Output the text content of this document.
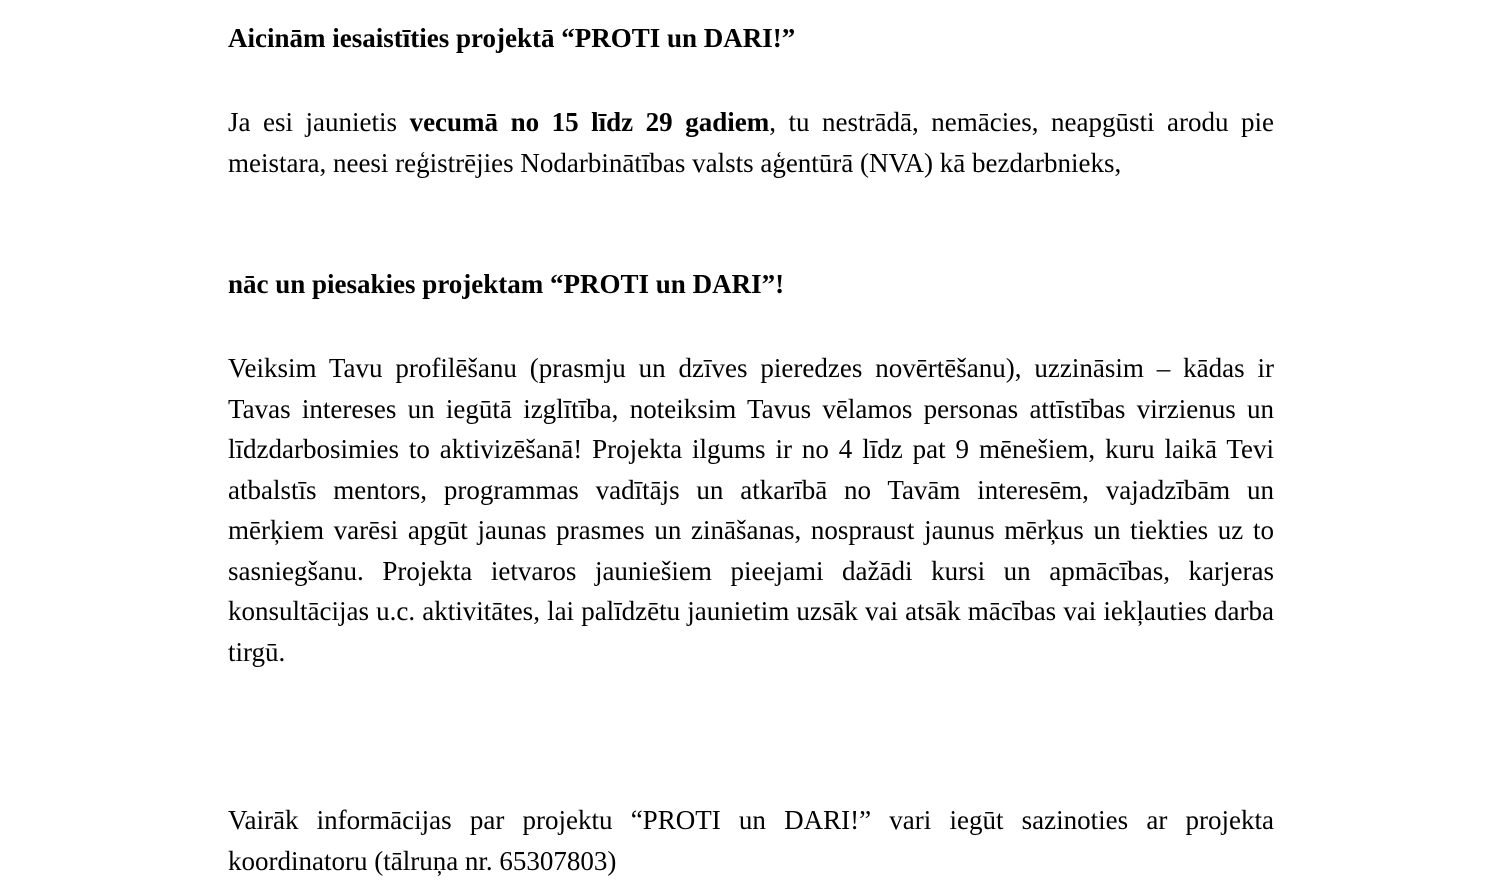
Aicinām iesaistīties projektā “PROTI un DARI!”
Ja esi jaunietis vecumā no 15 līdz 29 gadiem, tu nestrādā, nemācies, neapgūsti arodu pie meistara, neesi reģistrējies Nodarbinātības valsts aģentūrā (NVA) kā bezdarbnieks,
nāc un piesakies projektam “PROTI un DARI”!
Veiksim Tavu profilēšanu (prasmju un dzīves pieredzes novērtēšanu), uzzināsim – kādas ir Tavas intereses un iegūtā izglītība, noteiksim Tavus vēlamos personas attīstības virzienus un līdzdarbosimies to aktivizēšanā! Projekta ilgums ir no 4 līdz pat 9 mēnešiem, kuru laikā Tevi atbalstīs mentors, programmas vadītājs un atkarībā no Tavām interesēm, vajadzībām un mērķiem varēsi apgūt jaunas prasmes un zināšanas, nospraust jaunus mērķus un tiekties uz to sasniegšanu. Projekta ietvaros jauniešiem pieejami dažādi kursi un apmācības, karjeras konsultācijas u.c. aktivitātes, lai palīdzētu jaunietim uzsāk vai atsāk mācības vai iekļauties darba tirgū.
Vairāk informācijas par projektu “PROTI un DARI!” vari iegūt sazinoties ar projekta koordinatoru (tālruņa nr. 65307803)
